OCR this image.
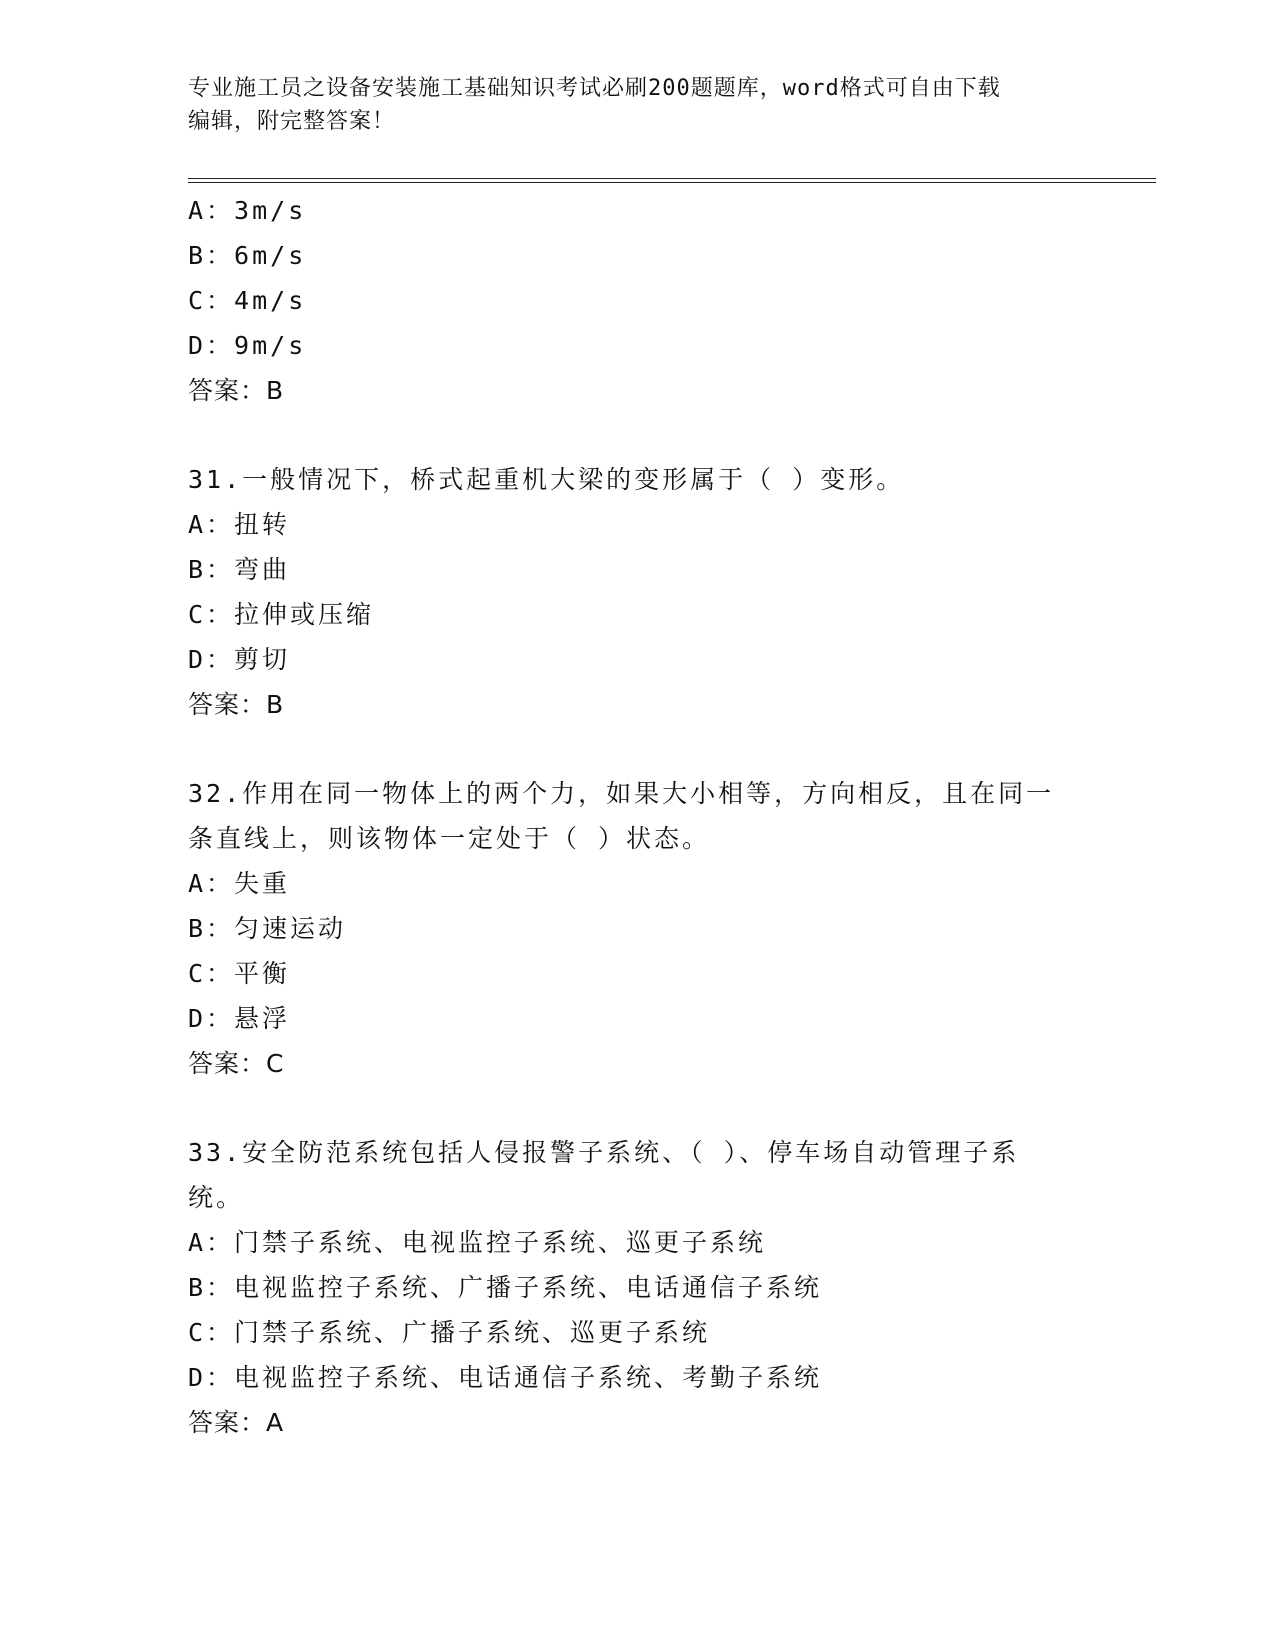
专业施工员之设备安装施工基础知识考试必刷200题题库，word格式可自由下载
编辑，附完整答案！
A：3m/s
B：6m/s
C：4m/s
D：9m/s
答案：B
31.一般情况下，桥式起重机大梁的变形属于（ ）变形。
A：扭转
B：弯曲
C：拉伸或压缩
D：剪切
答案：B
32.作用在同一物体上的两个力，如果大小相等，方向相反，且在同一
条直线上，则该物体一定处于（ ）状态。
A：失重
B：匀速运动
C：平衡
D：悬浮
答案：C
33.安全防范系统包括人侵报警子系统、（ ）、停车场自动管理子系
统。
A：门禁子系统、电视监控子系统、巡更子系统
B：电视监控子系统、广播子系统、电话通信子系统
C：门禁子系统、广播子系统、巡更子系统
D：电视监控子系统、电话通信子系统、考勤子系统
答案：A
